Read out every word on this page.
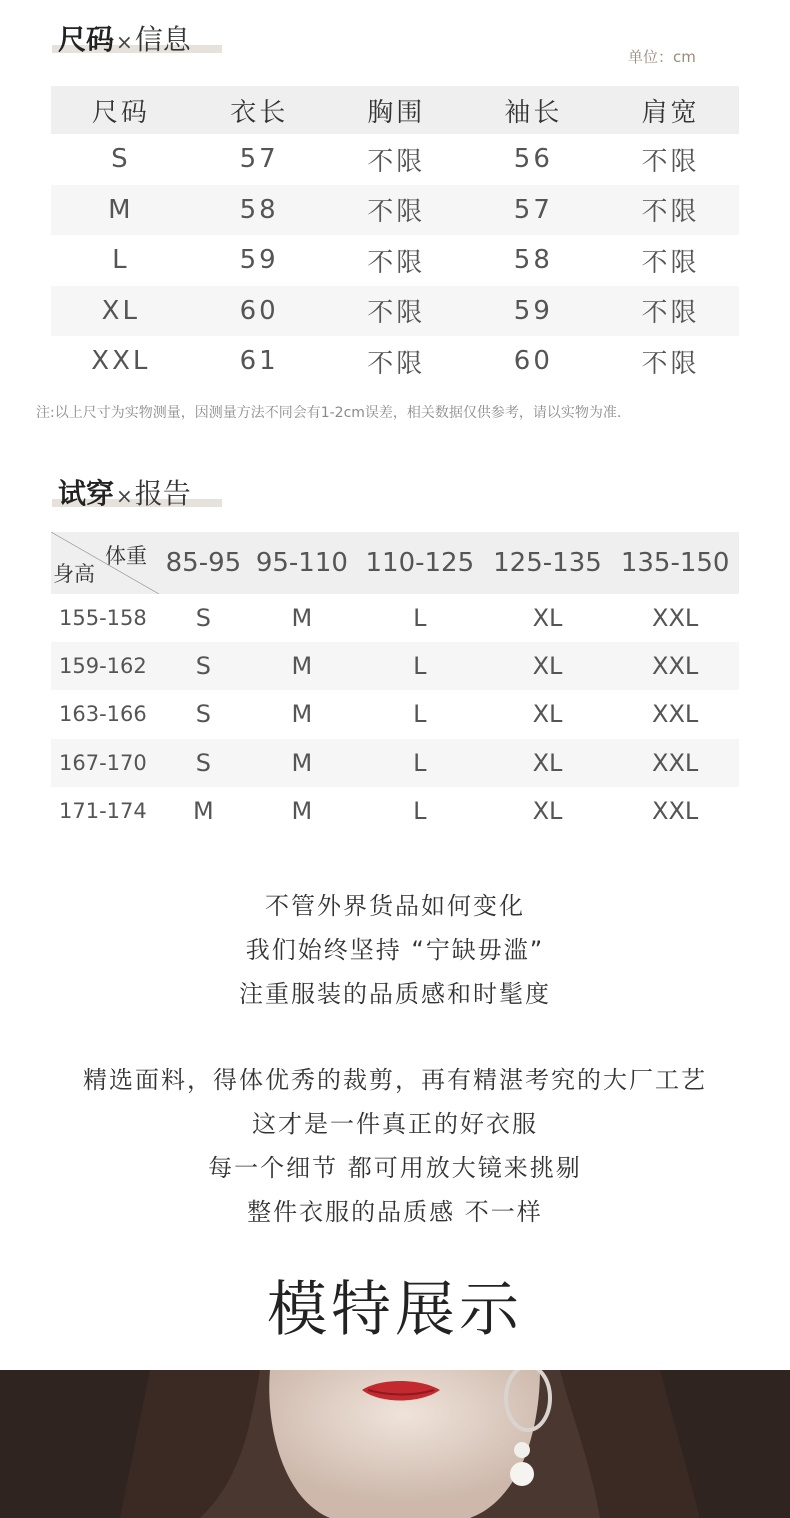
尺码 ×信息
单位：cm
尺码	衣长	胸围	袖长	肩宽
S	57	不限	56	不限
M	58	不限	57	不限
L	59	不限	58	不限
XL	60	不限	59	不限
XXL	61	不限	60	不限
注:以上尺寸为实物测量，因测量方法不同会有1-2cm误差，相关数据仅供参考，请以实物为准.
试穿 ×报告
体重
身高	85-95	95-110	110-125	125-135	135-150
155-158	S	M	L	XL	XXL
159-162	S	M	L	XL	XXL
163-166	S	M	L	XL	XXL
167-170	S	M	L	XL	XXL
171-174	M	M	L	XL	XXL
不管外界货品如何变化
我们始终坚持 “宁缺毋滥”
注重服装的品质感和时髦度
精选面料，得体优秀的裁剪，再有精湛考究的大厂工艺
这才是一件真正的好衣服
每一个细节 都可用放大镜来挑剔
整件衣服的品质感 不一样
模特展示
